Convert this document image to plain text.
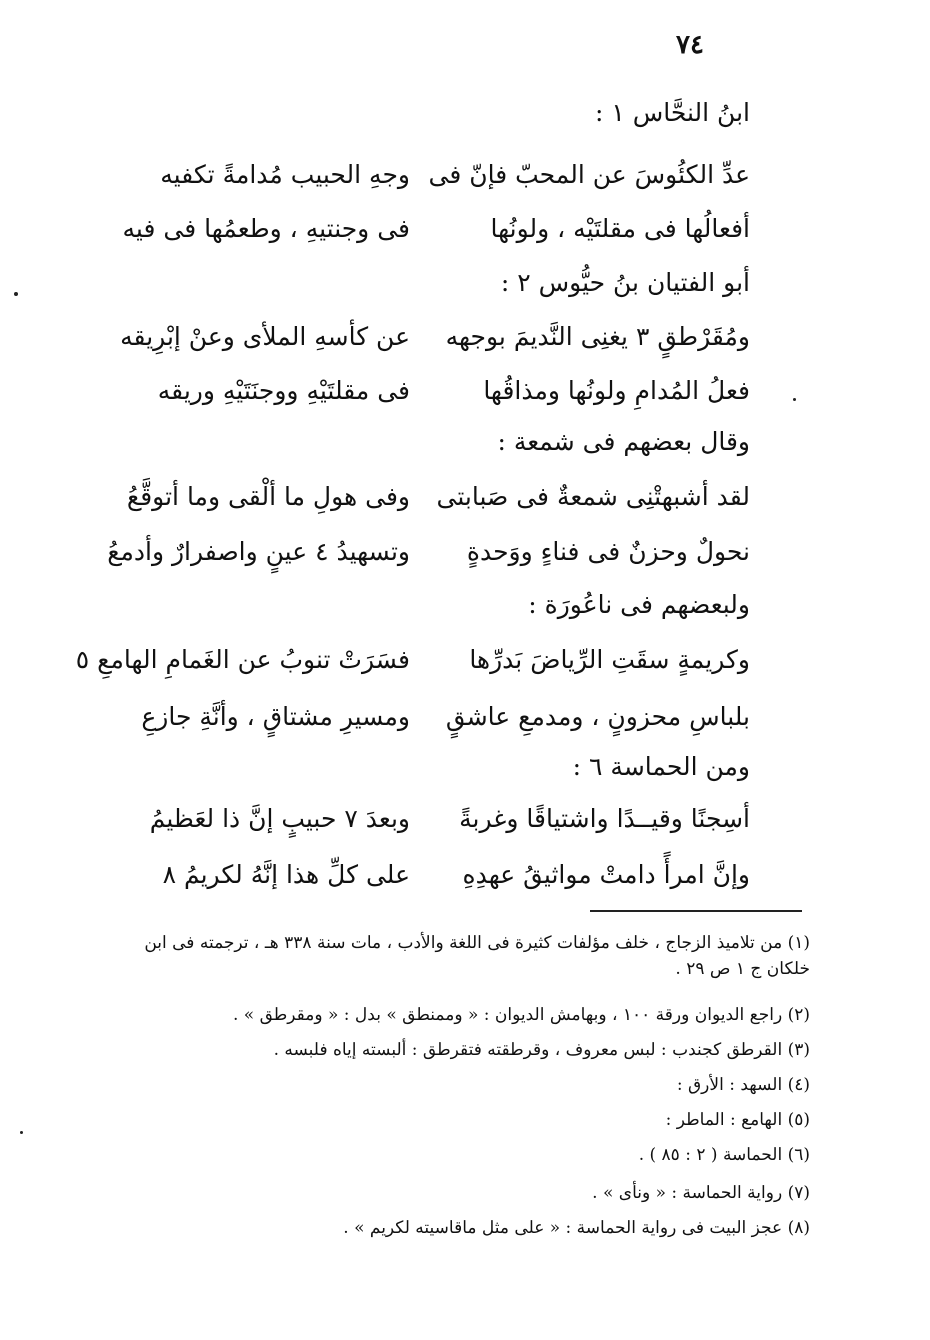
٧٤
ابنُ النحَّاس ١ :
عدِّ الكئُوسَ عن المحبّ فإنّ فى
وجهِ الحبيب مُدامةً تكفيه
أفعالُها فى مقلتَيْه ، ولونُها
فى وجنتيهِ ، وطعمُها فى فيه
أبو الفتيان بنُ حيُّوس ٢ :
ومُقَرْطقٍ ٣ يغنِى النَّديمَ بوجهه
عن كأسهِ الملأى وعنْ إبْرِيقه
فعلُ المُدامِ ولونُها ومذاقُها
فى مقلتَيْهِ ووجنَتَيْهِ وريقه
وقال بعضهم فى شمعة :
لقد أشبهتْنِى شمعةٌ فى صَبابتى
وفى هولِ ما ألْقى وما أتوقَّعُ
نحولٌ وحزنٌ فى فناءٍ ووَحدةٍ
وتسهيدُ ٤ عينٍ واصفرارٌ وأدمعُ
ولبعضهم فى ناعُورَة :
وكريمةٍ سقَتِ الرِّياضَ بَدرِّها
فسَرَتْ تنوبُ عن الغَمامِ الهامعِ ٥
بلباسِ محزونٍ ، ومدمعِ عاشقٍ
ومسيرِ مشتاقٍ ، وأنَّةِ جازعِ
ومن الحماسة ٦ :
أسِجنًا وقيــدًا واشتياقًا وغربةً
وبعدَ ٧ حبيبٍ إنَّ ذا لعَظيمُ
وإنَّ امرأً دامتْ مواثيقُ عهدِهِ
على كلِّ هذا إنَّهُ لكريمُ ٨
(١) من تلاميذ الزجاج ، خلف مؤلفات كثيرة فى اللغة والأدب ، مات سنة ٣٣٨ هـ ، ترجمته فى ابن خلكان ج ١ ص ٢٩ .
(٢) راجع الديوان ورقة ١٠٠ ، وبهامش الديوان : « وممنطق » بدل : « ومقرطق » .
(٣) القرطق كجندب : لبس معروف ، وقرطقته فتقرطق : ألبسته إياه فلبسه .
(٤) السهد : الأرق :
(٥) الهامع : الماطر :
(٦) الحماسة ( ٢ : ٨٥ ) .
(٧) رواية الحماسة : « ونأى » .
(٨) عجز البيت فى رواية الحماسة : « على مثل ماقاسيته لكريم » .
